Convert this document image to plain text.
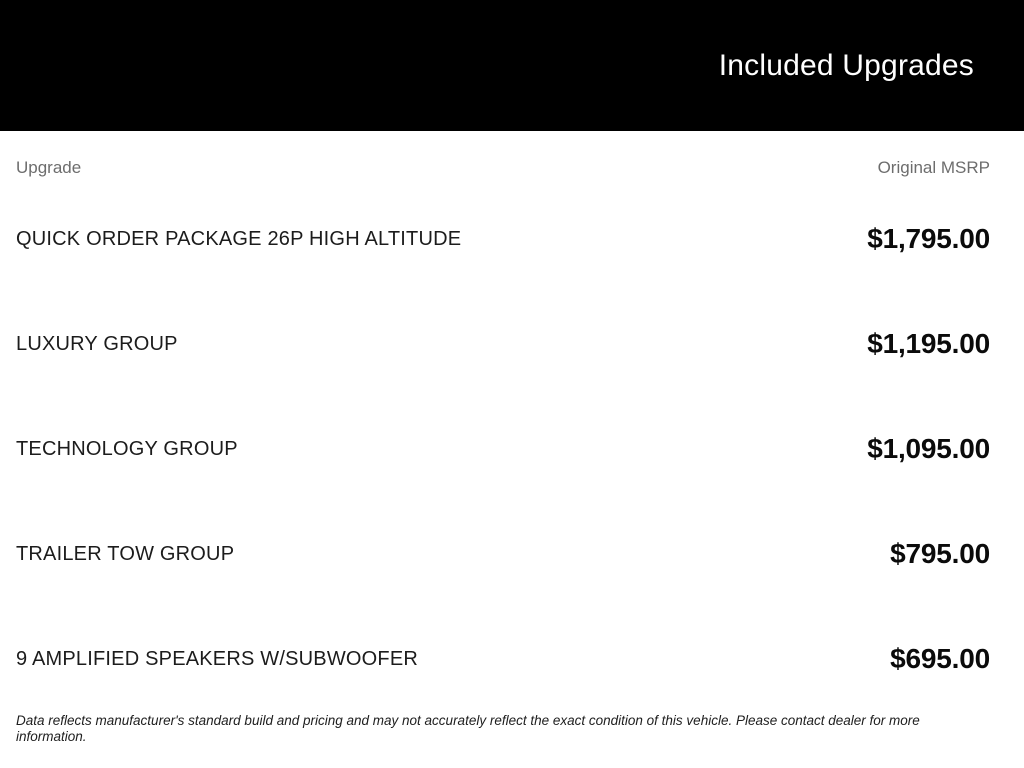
Included Upgrades
Upgrade	Original MSRP
QUICK ORDER PACKAGE 26P HIGH ALTITUDE	$1,795.00
LUXURY GROUP	$1,195.00
TECHNOLOGY GROUP	$1,095.00
TRAILER TOW GROUP	$795.00
9 AMPLIFIED SPEAKERS W/SUBWOOFER	$695.00
Data reflects manufacturer's standard build and pricing and may not accurately reflect the exact condition of this vehicle. Please contact dealer for more information.
